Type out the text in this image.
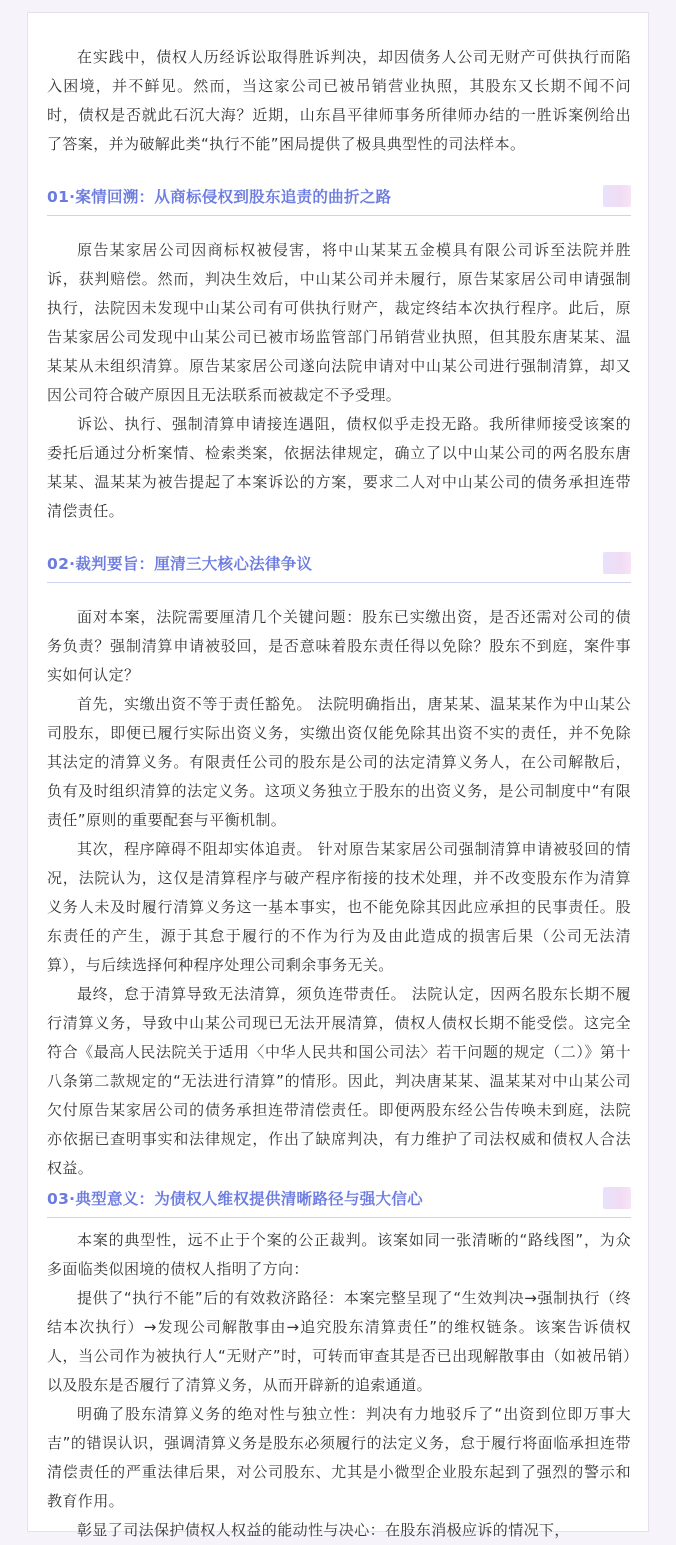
在实践中，债权人历经诉讼取得胜诉判决，却因债务人公司无财产可供执行而陷入困境，并不鲜见。然而，当这家公司已被吊销营业执照，其股东又长期不闻不问时，债权是否就此石沉大海？近期，山东昌平律师事务所律师办结的一胜诉案例给出了答案，并为破解此类“执行不能”困局提供了极具典型性的司法样本。

01·案情回溯：从商标侵权到股东追责的曲折之路

原告某家居公司因商标权被侵害，将中山某某五金模具有限公司诉至法院并胜诉，获判赔偿。然而，判决生效后，中山某公司并未履行，原告某家居公司申请强制执行，法院因未发现中山某公司有可供执行财产，裁定终结本次执行程序。此后，原告某家居公司发现中山某公司已被市场监管部门吊销营业执照，但其股东唐某某、温某某从未组织清算。原告某家居公司遂向法院申请对中山某公司进行强制清算，却又因公司符合破产原因且无法联系而被裁定不予受理。

诉讼、执行、强制清算申请接连遇阻，债权似乎走投无路。我所律师接受该案的委托后通过分析案情、检索类案，依据法律规定，确立了以中山某公司的两名股东唐某某、温某某为被告提起了本案诉讼的方案，要求二人对中山某公司的债务承担连带清偿责任。

02·裁判要旨：厘清三大核心法律争议

面对本案，法院需要厘清几个关键问题：股东已实缴出资，是否还需对公司的债务负责？强制清算申请被驳回，是否意味着股东责任得以免除？股东不到庭，案件事实如何认定？

首先，实缴出资不等于责任豁免。 法院明确指出，唐某某、温某某作为中山某公司股东，即便已履行实际出资义务，实缴出资仅能免除其出资不实的责任，并不免除其法定的清算义务。有限责任公司的股东是公司的法定清算义务人，在公司解散后，负有及时组织清算的法定义务。这项义务独立于股东的出资义务，是公司制度中“有限责任”原则的重要配套与平衡机制。

其次，程序障碍不阻却实体追责。 针对原告某家居公司强制清算申请被驳回的情况，法院认为，这仅是清算程序与破产程序衔接的技术处理，并不改变股东作为清算义务人未及时履行清算义务这一基本事实，也不能免除其因此应承担的民事责任。股东责任的产生，源于其怠于履行的不作为行为及由此造成的损害后果（公司无法清算），与后续选择何种程序处理公司剩余事务无关。

最终，怠于清算导致无法清算，须负连带责任。 法院认定，因两名股东长期不履行清算义务，导致中山某公司现已无法开展清算，债权人债权长期不能受偿。这完全符合《最高人民法院关于适用〈中华人民共和国公司法〉若干问题的规定（二）》第十八条第二款规定的“无法进行清算”的情形。因此，判决唐某某、温某某对中山某公司欠付原告某家居公司的债务承担连带清偿责任。即便两股东经公告传唤未到庭，法院亦依据已查明事实和法律规定，作出了缺席判决，有力维护了司法权威和债权人合法权益。

03·典型意义：为债权人维权提供清晰路径与强大信心

本案的典型性，远不止于个案的公正裁判。该案如同一张清晰的“路线图”，为众多面临类似困境的债权人指明了方向：

提供了“执行不能”后的有效救济路径：本案完整呈现了“生效判决→强制执行（终结本次执行）→发现公司解散事由→追究股东清算责任”的维权链条。该案告诉债权人，当公司作为被执行人“无财产”时，可转而审查其是否已出现解散事由（如被吊销）以及股东是否履行了清算义务，从而开辟新的追索通道。

明确了股东清算义务的绝对性与独立性：判决有力地驳斥了“出资到位即万事大吉”的错误认识，强调清算义务是股东必须履行的法定义务，怠于履行将面临承担连带清偿责任的严重法律后果，对公司股东、尤其是小微型企业股东起到了强烈的警示和教育作用。

彰显了司法保护债权人权益的能动性与决心：在股东消极应诉的情况下，
